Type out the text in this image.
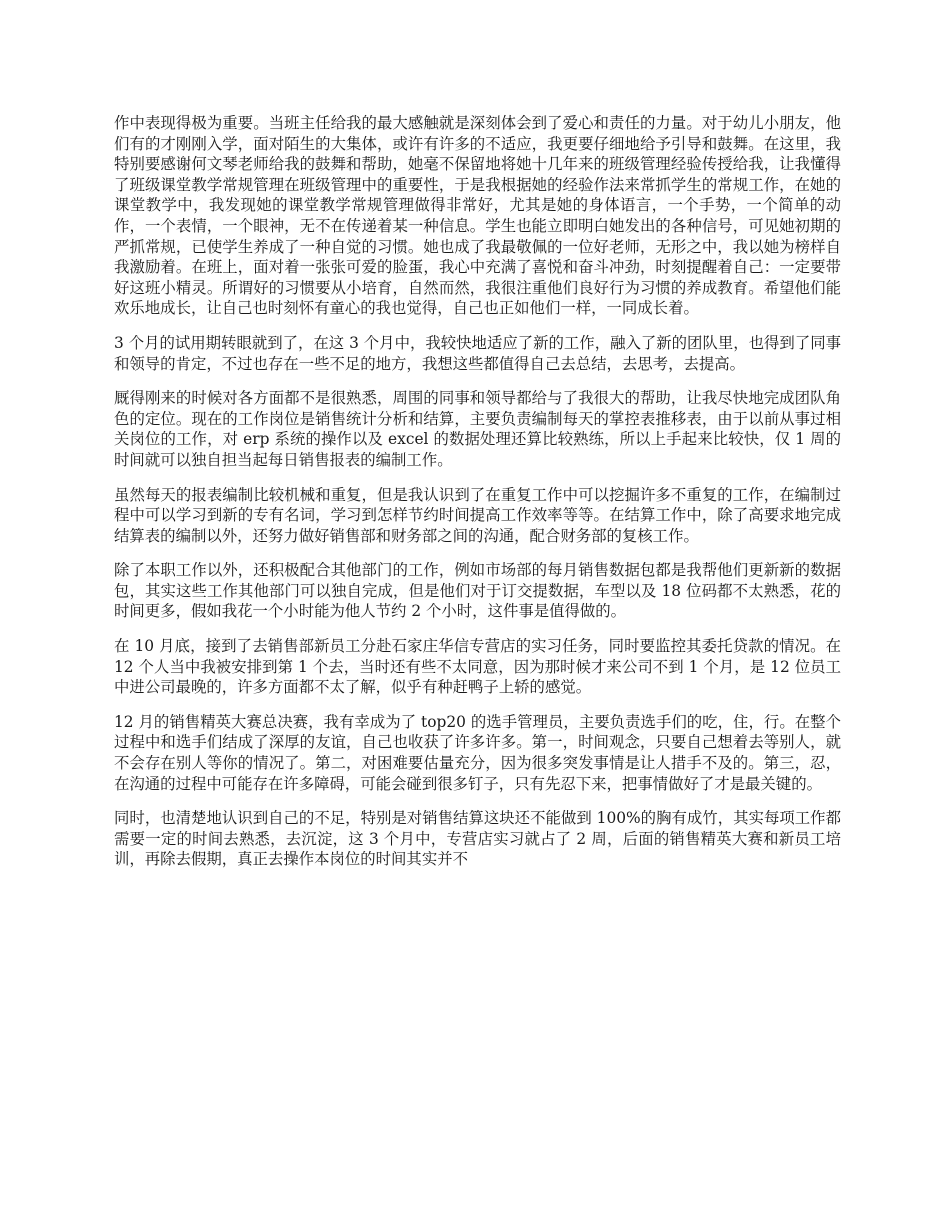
作中表现得极为重要。当班主任给我的最大感触就是深刻体会到了爱心和责任的力量。对于幼儿小朋友，他们有的才刚刚入学，面对陌生的大集体，或许有许多的不适应，我更要仔细地给予引导和鼓舞。在这里，我特别要感谢何文琴老师给我的鼓舞和帮助，她毫不保留地将她十几年来的班级管理经验传授给我，让我懂得了班级课堂教学常规管理在班级管理中的重要性，于是我根据她的经验作法来常抓学生的常规工作，在她的课堂教学中，我发现她的课堂教学常规管理做得非常好，尤其是她的身体语言，一个手势，一个简单的动作，一个表情，一个眼神，无不在传递着某一种信息。学生也能立即明白她发出的各种信号，可见她初期的严抓常规，已使学生养成了一种自觉的习惯。她也成了我最敬佩的一位好老师，无形之中，我以她为榜样自我激励着。在班上，面对着一张张可爱的脸蛋，我心中充满了喜悦和奋斗冲劲，时刻提醒着自己：一定要带好这班小精灵。所谓好的习惯要从小培育，自然而然，我很注重他们良好行为习惯的养成教育。希望他们能欢乐地成长，让自己也时刻怀有童心的我也觉得，自己也正如他们一样，一同成长着。

3 个月的试用期转眼就到了，在这 3 个月中，我较快地适应了新的工作，融入了新的团队里，也得到了同事和领导的肯定，不过也存在一些不足的地方，我想这些都值得自己去总结，去思考，去提高。

厩得刚来的时候对各方面都不是很熟悉，周围的同事和领导都给与了我很大的帮助，让我尽快地完成团队角色的定位。现在的工作岗位是销售统计分析和结算，主要负责编制每天的掌控表推移表，由于以前从事过相关岗位的工作，对 erp 系统的操作以及 excel 的数据处理还算比较熟练，所以上手起来比较快，仅 1 周的时间就可以独自担当起每日销售报表的编制工作。

虽然每天的报表编制比较机械和重复，但是我认识到了在重复工作中可以挖掘许多不重复的工作，在编制过程中可以学习到新的专有名词，学习到怎样节约时间提高工作效率等等。在结算工作中，除了高要求地完成结算表的编制以外，还努力做好销售部和财务部之间的沟通，配合财务部的复核工作。

除了本职工作以外，还积极配合其他部门的工作，例如市场部的每月销售数据包都是我帮他们更新新的数据包，其实这些工作其他部门可以独自完成，但是他们对于订交提数据，车型以及 18 位码都不太熟悉，花的时间更多，假如我花一个小时能为他人节约 2 个小时，这件事是值得做的。

在 10 月底，接到了去销售部新员工分赴石家庄华信专营店的实习任务，同时要监控其委托贷款的情况。在 12 个人当中我被安排到第 1 个去，当时还有些不太同意，因为那时候才来公司不到 1 个月，是 12 位员工中进公司最晚的，许多方面都不太了解，似乎有种赶鸭子上轿的感觉。

12 月的销售精英大赛总决赛，我有幸成为了 top20 的选手管理员，主要负责选手们的吃，住，行。在整个过程中和选手们结成了深厚的友谊，自己也收获了许多许多。第一，时间观念，只要自己想着去等别人，就不会存在别人等你的情况了。第二，对困难要估量充分，因为很多突发事情是让人措手不及的。第三，忍，在沟通的过程中可能存在许多障碍，可能会碰到很多钉子，只有先忍下来，把事情做好了才是最关键的。

同时，也清楚地认识到自己的不足，特别是对销售结算这块还不能做到 100%的胸有成竹，其实每项工作都需要一定的时间去熟悉，去沉淀，这 3 个月中，专营店实习就占了 2 周，后面的销售精英大赛和新员工培训，再除去假期，真正去操作本岗位的时间其实并不
